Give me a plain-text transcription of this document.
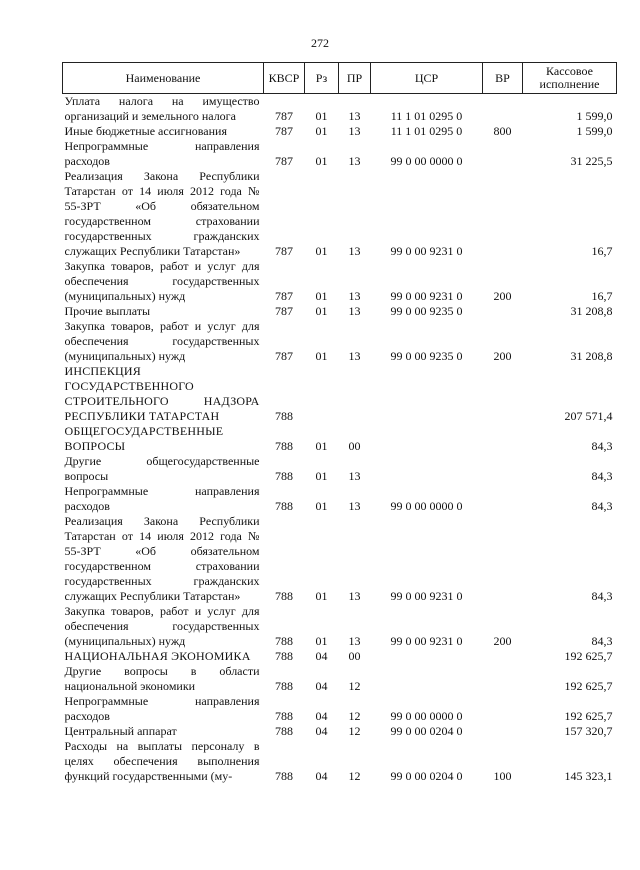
272
Наименование	КВСР	Рз	ПР	ЦСР	ВР	Кассовое исполнение
Уплата налога на имущество организаций и земельного налога	787	01	13	11 1 01 0295 0		1 599,0
Иные бюджетные ассигнования	787	01	13	11 1 01 0295 0	800	1 599,0
Непрограммные направления расходов	787	01	13	99 0 00 0000 0		31 225,5
Реализация Закона Республики Татарстан от 14 июля 2012 года № 55-ЗРТ «Об обязательном государственном страховании государственных гражданских служащих Республики Татарстан»	787	01	13	99 0 00 9231 0		16,7
Закупка товаров, работ и услуг для обеспечения государственных (муниципальных) нужд	787	01	13	99 0 00 9231 0	200	16,7
Прочие выплаты	787	01	13	99 0 00 9235 0		31 208,8
Закупка товаров, работ и услуг для обеспечения государственных (муниципальных) нужд	787	01	13	99 0 00 9235 0	200	31 208,8
ИНСПЕКЦИЯ ГОСУДАРСТВЕННОГО СТРОИТЕЛЬНОГО НАДЗОРА РЕСПУБЛИКИ ТАТАРСТАН	788					207 571,4
ОБЩЕГОСУДАРСТВЕННЫЕ ВОПРОСЫ	788	01	00			84,3
Другие общегосударственные вопросы	788	01	13			84,3
Непрограммные направления расходов	788	01	13	99 0 00 0000 0		84,3
Реализация Закона Республики Татарстан от 14 июля 2012 года № 55-ЗРТ «Об обязательном государственном страховании государственных гражданских служащих Республики Татарстан»	788	01	13	99 0 00 9231 0		84,3
Закупка товаров, работ и услуг для обеспечения государственных (муниципальных) нужд	788	01	13	99 0 00 9231 0	200	84,3
НАЦИОНАЛЬНАЯ ЭКОНОМИКА	788	04	00			192 625,7
Другие вопросы в области национальной экономики	788	04	12			192 625,7
Непрограммные направления расходов	788	04	12	99 0 00 0000 0		192 625,7
Центральный аппарат	788	04	12	99 0 00 0204 0		157 320,7
Расходы на выплаты персоналу в целях обеспечения выполнения функций государственными (му-	788	04	12	99 0 00 0204 0	100	145 323,1
